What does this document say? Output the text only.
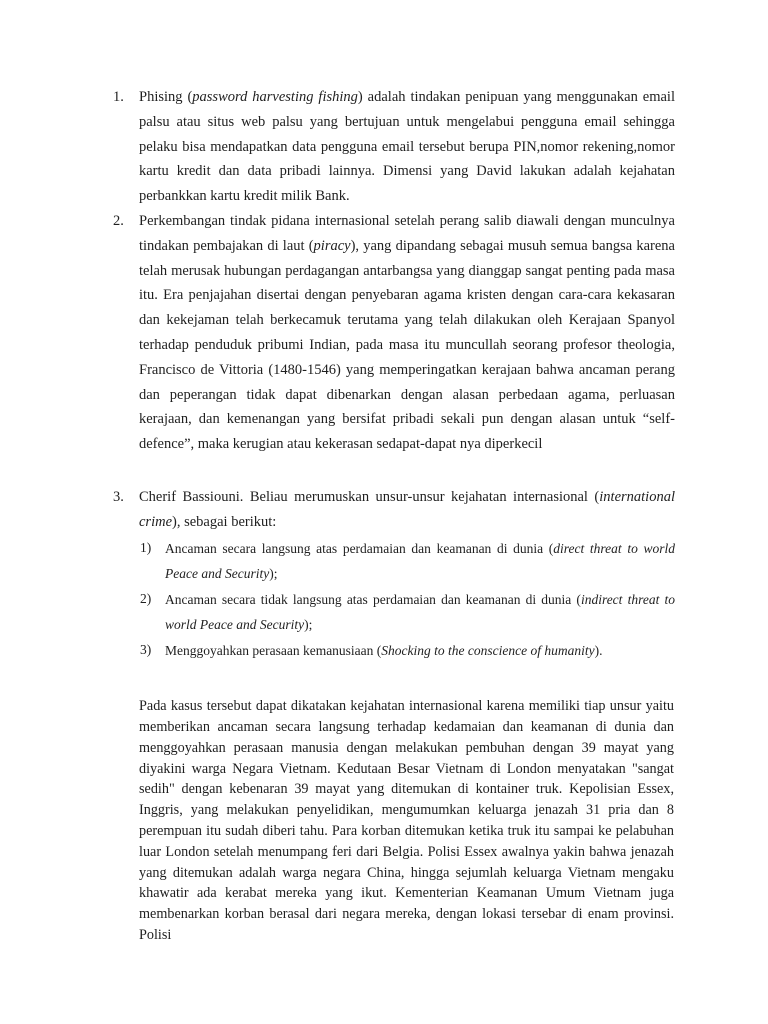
1. Phising (password harvesting fishing) adalah tindakan penipuan yang menggunakan email palsu atau situs web palsu yang bertujuan untuk mengelabui pengguna email sehingga pelaku bisa mendapatkan data pengguna email tersebut berupa PIN,nomor rekening,nomor kartu kredit dan data pribadi lainnya. Dimensi yang David lakukan adalah kejahatan perbankkan kartu kredit milik Bank.
2. Perkembangan tindak pidana internasional setelah perang salib diawali dengan munculnya tindakan pembajakan di laut (piracy), yang dipandang sebagai musuh semua bangsa karena telah merusak hubungan perdagangan antarbangsa yang dianggap sangat penting pada masa itu. Era penjajahan disertai dengan penyebaran agama kristen dengan cara-cara kekasaran dan kekejaman telah berkecamuk terutama yang telah dilakukan oleh Kerajaan Spanyol terhadap penduduk pribumi Indian, pada masa itu muncullah seorang profesor theologia, Francisco de Vittoria (1480-1546) yang memperingatkan kerajaan bahwa ancaman perang dan peperangan tidak dapat dibenarkan dengan alasan perbedaan agama, perluasan kerajaan, dan kemenangan yang bersifat pribadi sekali pun dengan alasan untuk “self-defence”, maka kerugian atau kekerasan sedapat-dapat nya diperkecil
3. Cherif Bassiouni. Beliau merumuskan unsur-unsur kejahatan internasional (international crime), sebagai berikut:
1) Ancaman secara langsung atas perdamaian dan keamanan di dunia (direct threat to world Peace and Security);
2) Ancaman secara tidak langsung atas perdamaian dan keamanan di dunia (indirect threat to world Peace and Security);
3) Menggoyahkan perasaan kemanusiaan (Shocking to the conscience of humanity).

Pada kasus tersebut dapat dikatakan kejahatan internasional karena memiliki tiap unsur yaitu memberikan ancaman secara langsung terhadap kedamaian dan keamanan di dunia dan menggoyahkan perasaan manusia dengan melakukan pembuhan dengan 39 mayat yang diyakini warga Negara Vietnam. Kedutaan Besar Vietnam di London menyatakan "sangat sedih" dengan kebenaran 39 mayat yang ditemukan di kontainer truk. Kepolisian Essex, Inggris, yang melakukan penyelidikan, mengumumkan keluarga jenazah 31 pria dan 8 perempuan itu sudah diberi tahu. Para korban ditemukan ketika truk itu sampai ke pelabuhan luar London setelah menumpang feri dari Belgia. Polisi Essex awalnya yakin bahwa jenazah yang ditemukan adalah warga negara China, hingga sejumlah keluarga Vietnam mengaku khawatir ada kerabat mereka yang ikut. Kementerian Keamanan Umum Vietnam juga membenarkan korban berasal dari negara mereka, dengan lokasi tersebar di enam provinsi. Polisi
